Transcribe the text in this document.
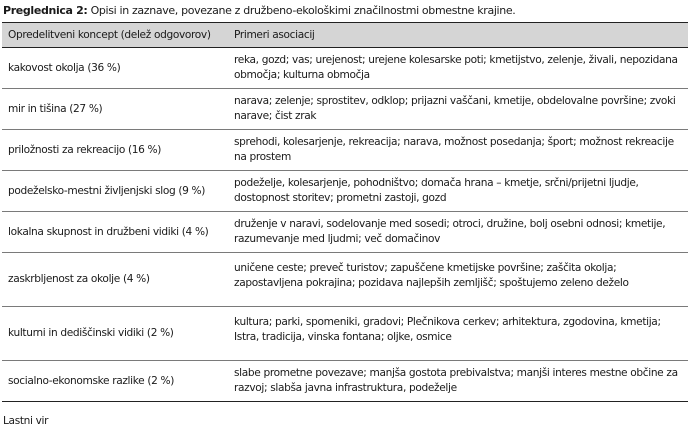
Preglednica 2: Opisi in zaznave, povezane z družbeno-ekološkimi značilnostmi obmestne krajine.
Opredelitveni koncept (delež odgovorov)	Primeri asociacij
kakovost okolja (36 %)	reka, gozd; vas; urejenost; urejene kolesarske poti; kmetijstvo, zelenje, živali, nepozidana območja; kulturna območja
mir in tišina (27 %)	narava; zelenje; sprostitev, odklop; prijazni vaščani, kmetije, obdelovalne površine; zvoki narave; čist zrak
priložnosti za rekreacijo (16 %)	sprehodi, kolesarjenje, rekreacija; narava, možnost posedanja; šport; možnost rekreacije na prostem
podeželsko-mestni življenjski slog (9 %)	podeželje, kolesarjenje, pohodništvo; domača hrana – kmetje, srčni/prijetni ljudje, dostopnost storitev; prometni zastoji, gozd
lokalna skupnost in družbeni vidiki (4 %)	druženje v naravi, sodelovanje med sosedi; otroci, družine, bolj osebni odnosi; kmetije, razumevanje med ljudmi; več domačinov
zaskrbljenost za okolje (4 %)	uničene ceste; preveč turistov; zapuščene kmetijske površine; zaščita okolja; zapostavljena pokrajina; pozidava najlepših zemljišč; spoštujemo zeleno deželo
kulturni in dediščinski vidiki (2 %)	kultura; parki, spomeniki, gradovi; Plečnikova cerkev; arhitektura, zgodovina, kmetija; Istra, tradicija, vinska fontana; oljke, osmice
socialno-ekonomske razlike (2 %)	slabe prometne povezave; manjša gostota prebivalstva; manjši interes mestne občine za razvoj; slabša javna infrastruktura, podeželje
Lastni vir
